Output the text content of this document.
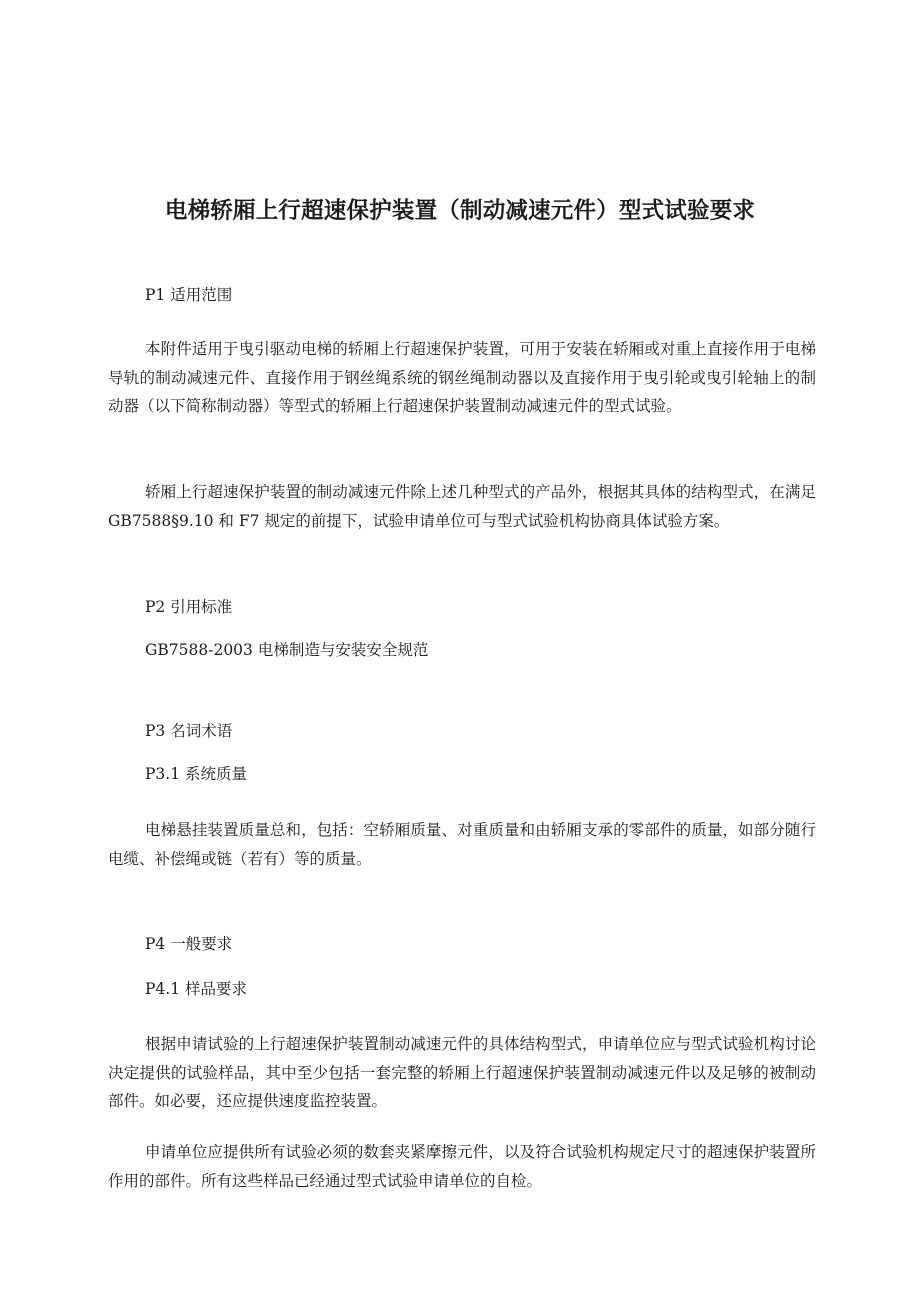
电梯轿厢上行超速保护装置（制动减速元件）型式试验要求

P1 适用范围

本附件适用于曳引驱动电梯的轿厢上行超速保护装置，可用于安装在轿厢或对重上直接作用于电梯导轨的制动减速元件、直接作用于钢丝绳系统的钢丝绳制动器以及直接作用于曳引轮或曳引轮轴上的制动器（以下简称制动器）等型式的轿厢上行超速保护装置制动减速元件的型式试验。

轿厢上行超速保护装置的制动减速元件除上述几种型式的产品外，根据其具体的结构型式，在满足 GB7588§9.10 和 F7 规定的前提下，试验申请单位可与型式试验机构协商具体试验方案。

P2 引用标准

GB7588-2003 电梯制造与安装安全规范

P3 名词术语

P3.1 系统质量

电梯悬挂装置质量总和，包括：空轿厢质量、对重质量和由轿厢支承的零部件的质量，如部分随行电缆、补偿绳或链（若有）等的质量。

P4 一般要求

P4.1 样品要求

根据申请试验的上行超速保护装置制动减速元件的具体结构型式，申请单位应与型式试验机构讨论决定提供的试验样品，其中至少包括一套完整的轿厢上行超速保护装置制动减速元件以及足够的被制动部件。如必要，还应提供速度监控装置。

申请单位应提供所有试验必须的数套夹紧摩擦元件，以及符合试验机构规定尺寸的超速保护装置所作用的部件。所有这些样品已经通过型式试验申请单位的自检。
